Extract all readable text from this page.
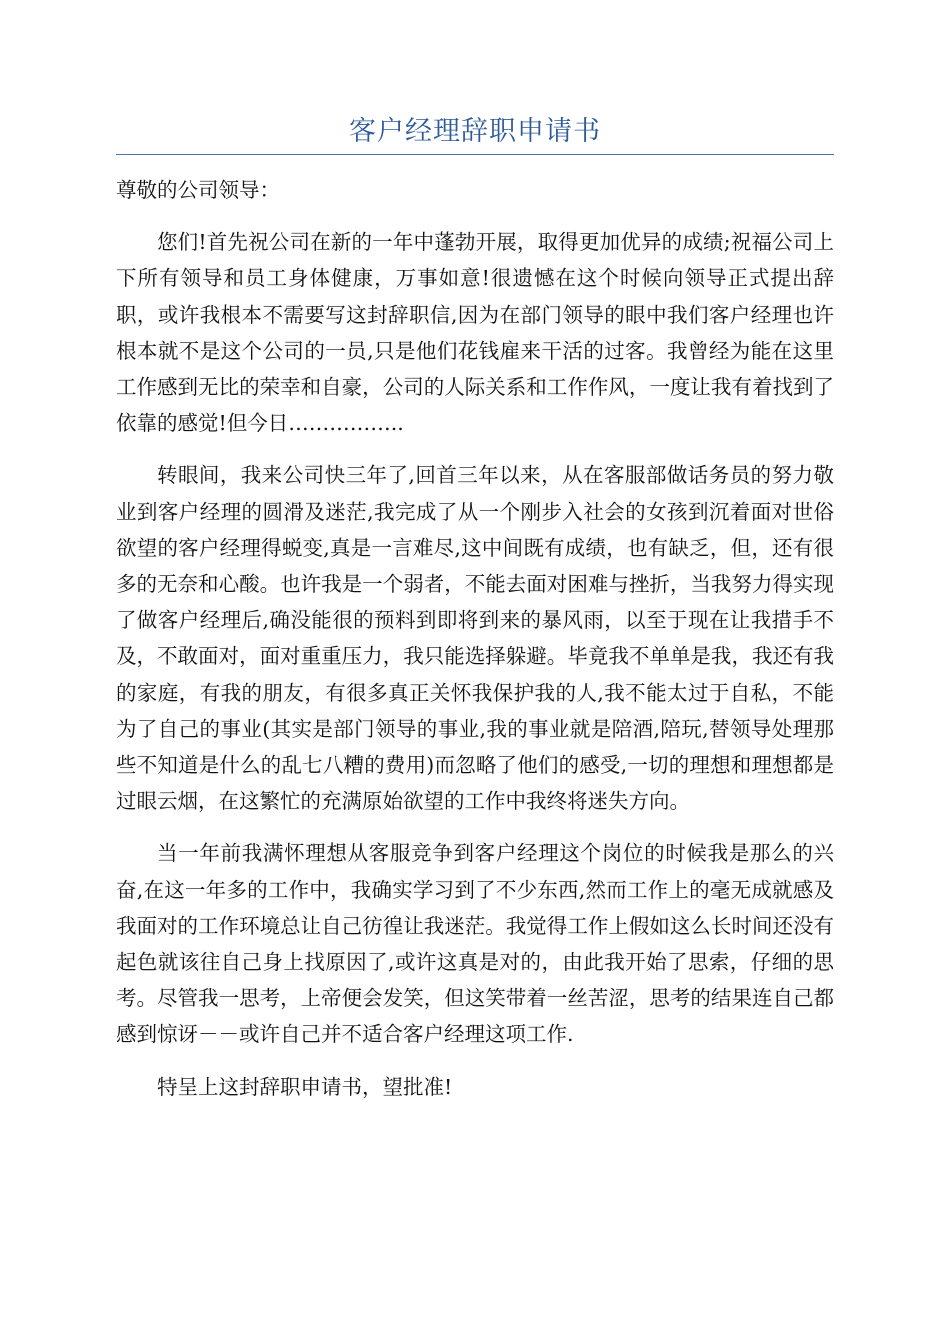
客户经理辞职申请书

尊敬的公司领导：

您们!首先祝公司在新的一年中蓬勃开展，取得更加优异的成绩;祝福公司上下所有领导和员工身体健康，万事如意!很遗憾在这个时候向领导正式提出辞职，或许我根本不需要写这封辞职信,因为在部门领导的眼中我们客户经理也许根本就不是这个公司的一员,只是他们花钱雇来干活的过客。我曾经为能在这里工作感到无比的荣幸和自豪，公司的人际关系和工作作风，一度让我有着找到了依靠的感觉!但今日……………..

转眼间，我来公司快三年了,回首三年以来，从在客服部做话务员的努力敬业到客户经理的圆滑及迷茫,我完成了从一个刚步入社会的女孩到沉着面对世俗欲望的客户经理得蜕变,真是一言难尽,这中间既有成绩，也有缺乏，但，还有很多的无奈和心酸。也许我是一个弱者，不能去面对困难与挫折，当我努力得实现了做客户经理后,确没能很的预料到即将到来的暴风雨，以至于现在让我措手不及，不敢面对，面对重重压力，我只能选择躲避。毕竟我不单单是我，我还有我的家庭，有我的朋友，有很多真正关怀我保护我的人,我不能太过于自私，不能为了自己的事业(其实是部门领导的事业,我的事业就是陪酒,陪玩,替领导处理那些不知道是什么的乱七八糟的费用)而忽略了他们的感受,一切的理想和理想都是过眼云烟，在这繁忙的充满原始欲望的工作中我终将迷失方向。

当一年前我满怀理想从客服竞争到客户经理这个岗位的时候我是那么的兴奋,在这一年多的工作中，我确实学习到了不少东西,然而工作上的毫无成就感及我面对的工作环境总让自己彷徨让我迷茫。我觉得工作上假如这么长时间还没有起色就该往自己身上找原因了,或许这真是对的，由此我开始了思索，仔细的思考。尽管我一思考，上帝便会发笑，但这笑带着一丝苦涩，思考的结果连自己都感到惊讶－－或许自己并不适合客户经理这项工作.

特呈上这封辞职申请书，望批准!
